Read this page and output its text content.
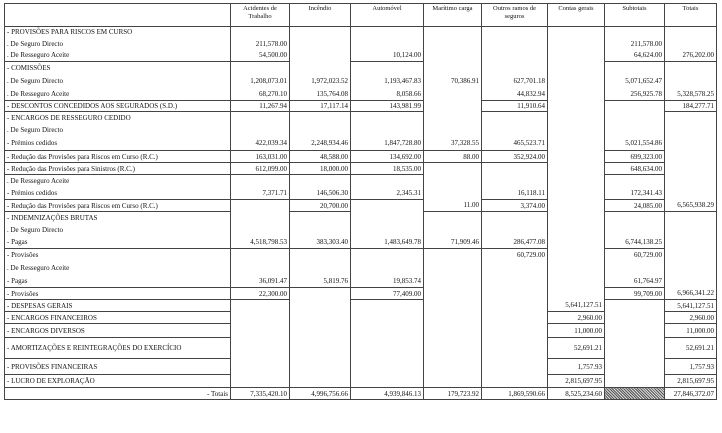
	Acidentes de Trabalho	Incêndio	Automóvel	Marítimo carga	Outros ramos de seguros	Contas gerais	Subtotais	Totais
- PROVISÕES PARA RISCOS EM CURSO								
. De Seguro Directo	211,578.00						211,578.00	
. De Resseguro Aceite	54,500.00		10,124.00				64,624.00	276,202.00
- COMISSÕES								
. De Seguro Directo	1,208,073.01	1,972,023.52	1,193,467.83	70,386.91	627,701.18		5,071,652.47	
. De Resseguro Aceite	68,270.10	135,764.08	8,058.66		44,832.94		256,925.78	5,328,578.25
- DESCONTOS CONCEDIDOS AOS SEGURADOS (S.D.)	11,267.94	17,117.14	143,981.99		11,910.64			184,277.71
- ENCARGOS DE RESSEGURO CEDIDO								
. De Seguro Directo								
- Prémios cedidos	422,039.34	2,248,934.46	1,847,728.80	37,328.55	465,523.71		5,021,554.86	
- Redução das Provisões para Riscos em Curso (R.C.)	163,031.00	48,588.00	134,692.00	88.00	352,924.00		699,323.00	
- Redução das Provisões para Sinistros (R.C.)	612,099.00	18,000.00	18,535.00				648,634.00	
. De Resseguro Aceite								
- Prémios cedidos	7,371.71	146,506.30	2,345.31		16,118.11		172,341.43	
- Redução das Provisões para Riscos em Curso (R.C.)		20,700.00		11.00	3,374.00		24,085.00	6,565,938.29
- INDEMNIZAÇÕES BRUTAS								
. De Seguro Directo								
- Pagas	4,518,798.53	383,303.40	1,483,649.78	71,909.46	286,477.08		6,744,138.25	
- Provisões					60,729.00		60,729.00	
. De Resseguro Aceite								
- Pagas	36,091.47	5,819.76	19,853.74				61,764.97	
- Provisões	22,300.00		77,409.00				99,709.00	6,966,341.22
- DESPESAS GERAIS						5,641,127.51		5,641,127.51
- ENCARGOS FINANCEIROS						2,960.00		2,960.00
- ENCARGOS DIVERSOS						11,000.00		11,000.00
- AMORTIZAÇÕES E REINTEGRAÇÕES DO EXERCÍCIO						52,691.21		52,691.21
- PROVISÕES FINANCEIRAS						1,757.93		1,757.93
- LUCRO DE EXPLORAÇÃO						2,815,697.95		2,815,697.95
- Totais	7,335,420.10	4,996,756.66	4,939,846.13	179,723.92	1,869,590.66	8,525,234.60		27,846,372.07
